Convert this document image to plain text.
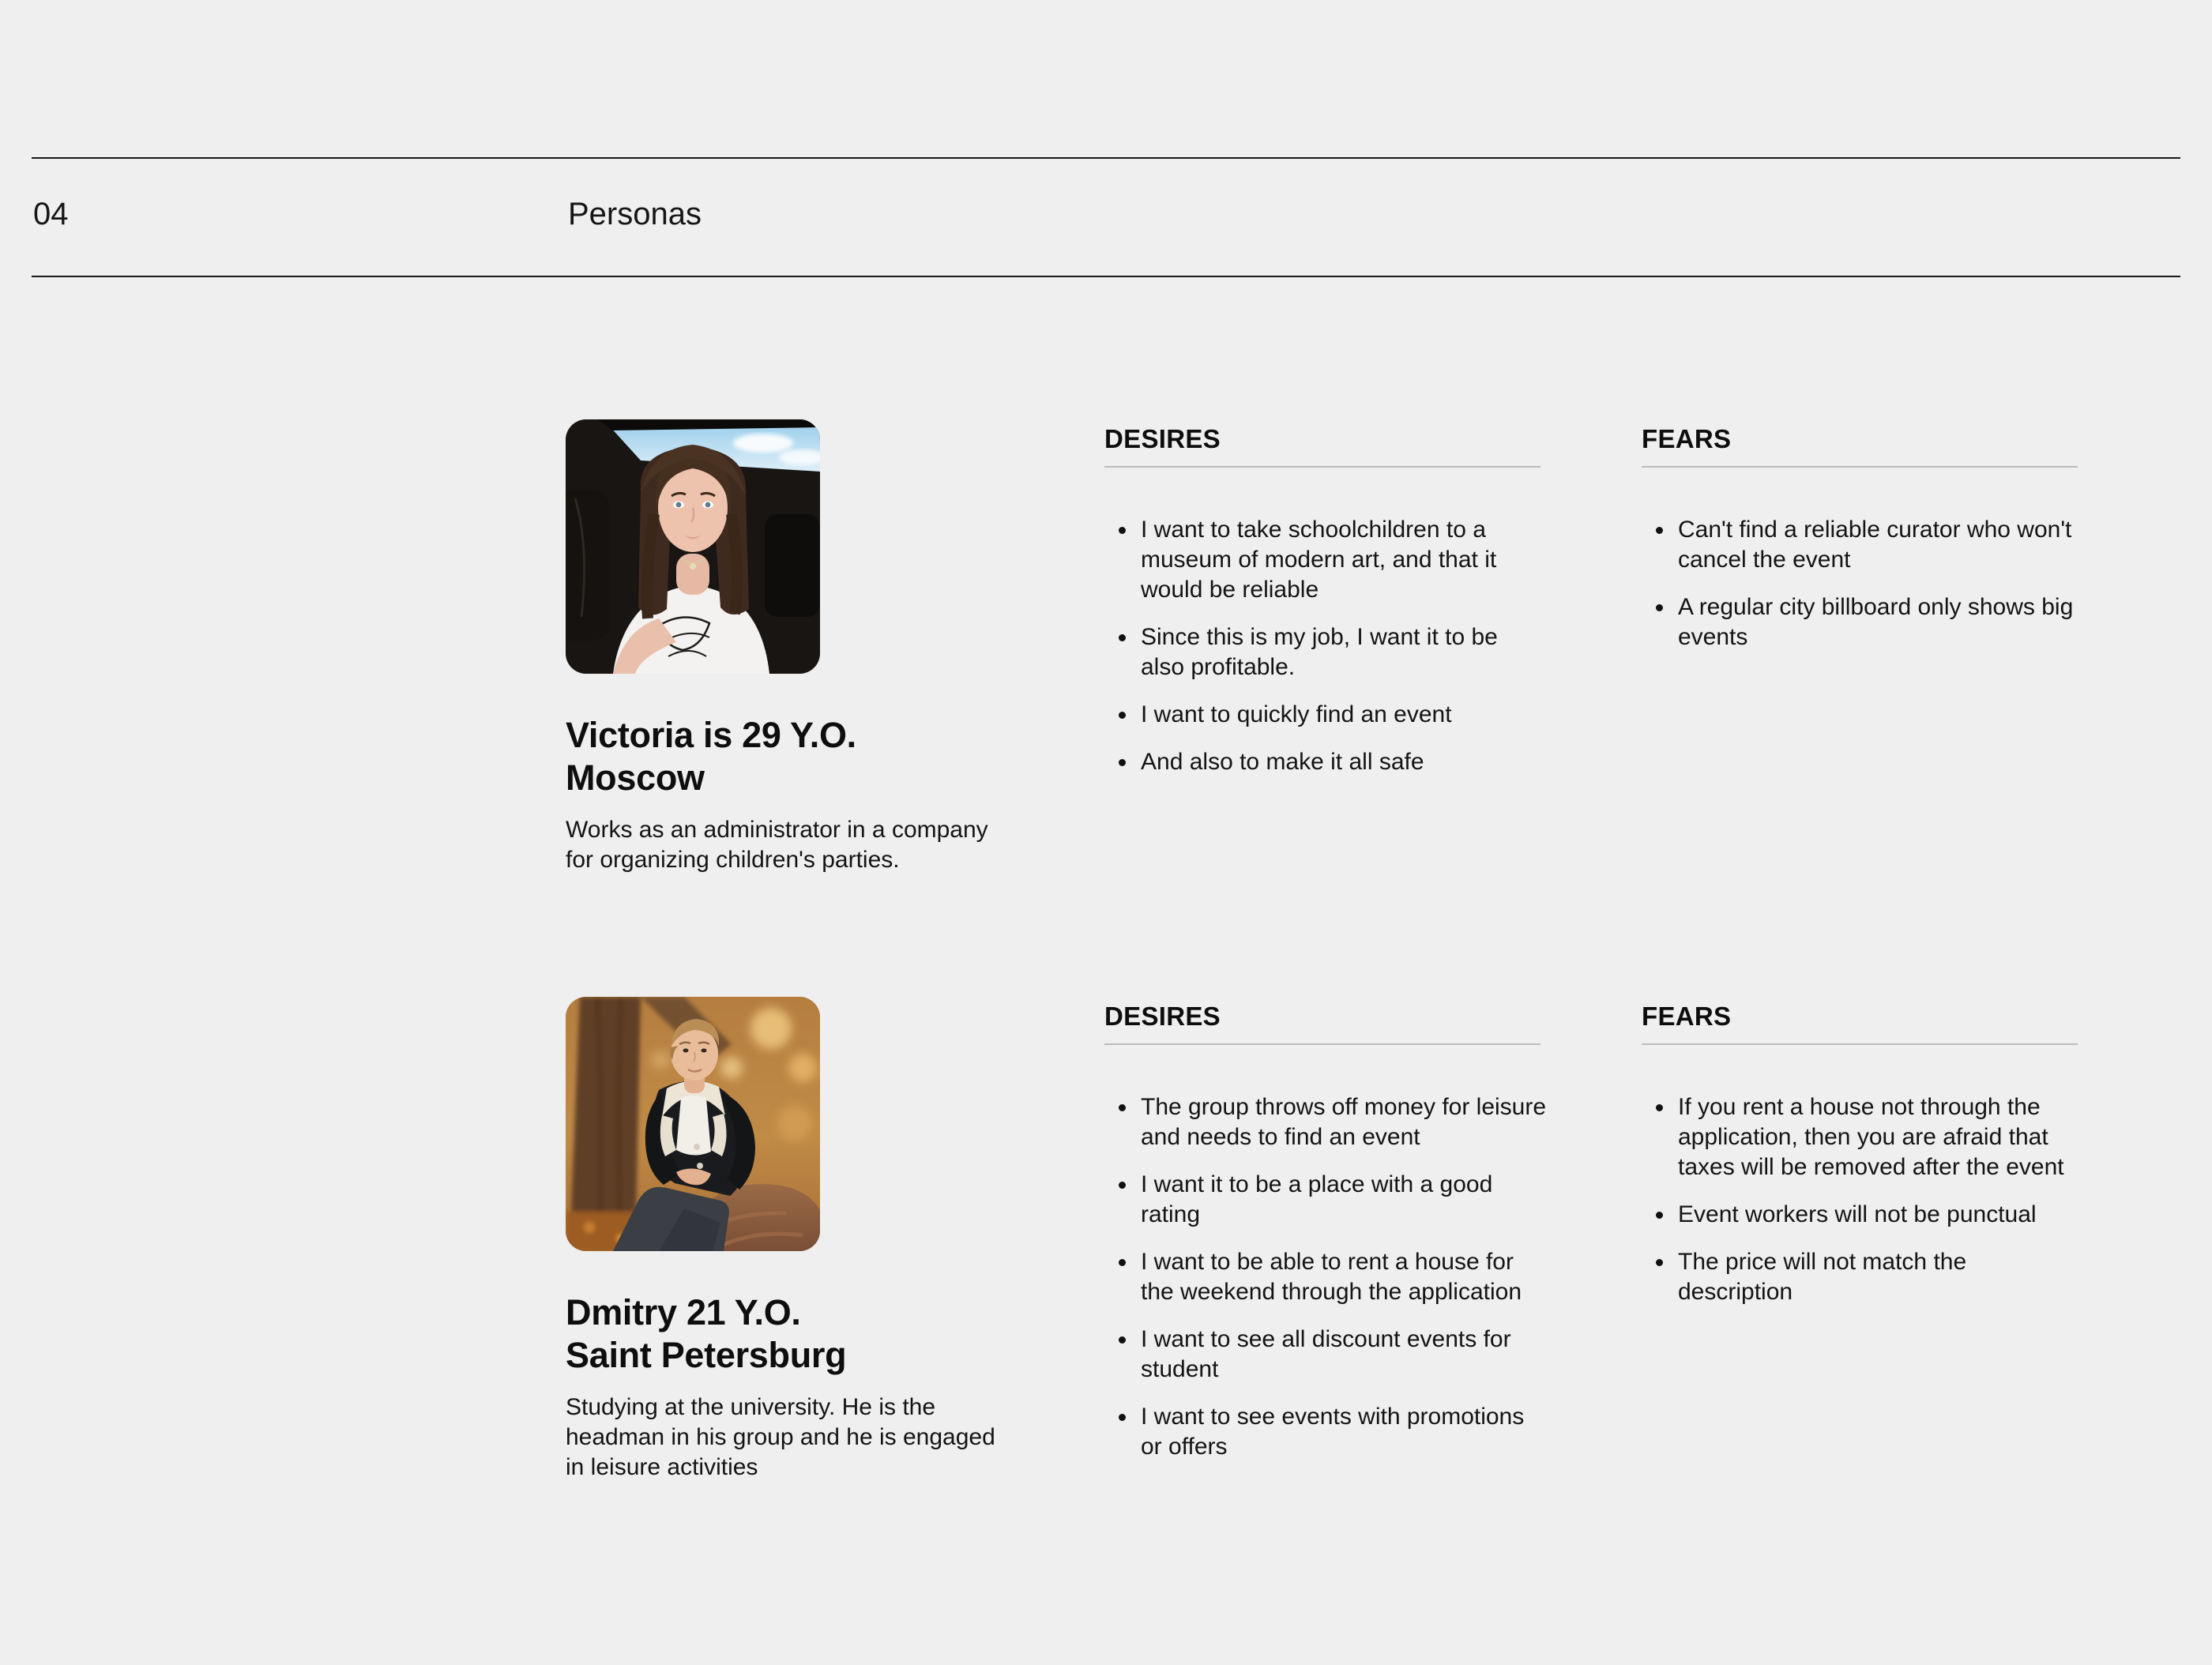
04	Personas
Victoria is 29 Y.O.
Moscow
Works as an administrator in a company for organizing children's parties.
DESIRES
I want to take schoolchildren to a museum of modern art, and that it would be reliable
Since this is my job, I want it to be also profitable.
I want to quickly find an event
And also to make it all safe
FEARS
Can't find a reliable curator who won't cancel the event
A regular city billboard only shows big events
Dmitry 21 Y.O.
Saint Petersburg
Studying at the university. He is the headman in his group and he is engaged in leisure activities
DESIRES
The group throws off money for leisure and needs to find an event
I want it to be a place with a good rating
I want to be able to rent a house for the weekend through the application
I want to see all discount events for student
I want to see events with promotions or offers
FEARS
If you rent a house not through the application, then you are afraid that taxes will be removed after the event
Event workers will not be punctual
The price will not match the description
